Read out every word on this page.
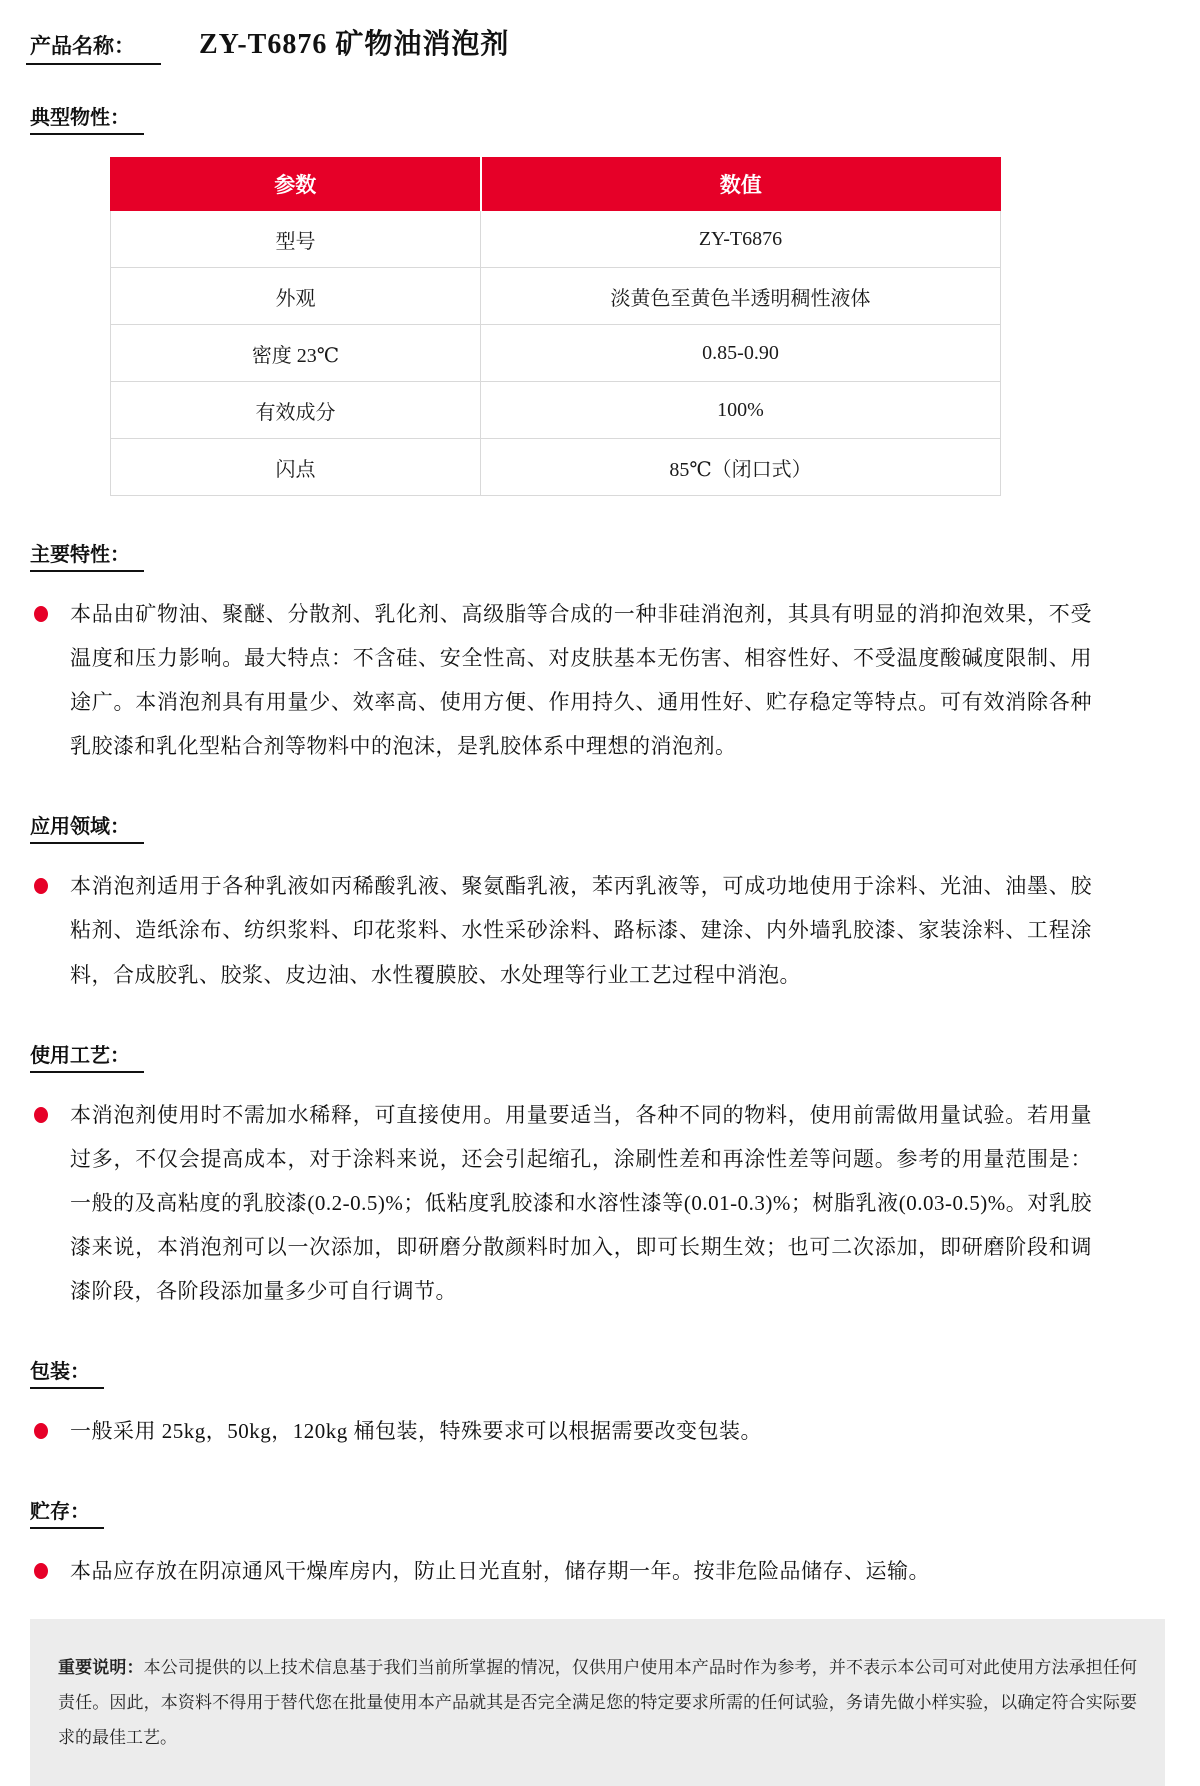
产品名称：	ZY-T6876 矿物油消泡剂
典型物性：
参数	数值
型号	ZY-T6876
外观	淡黄色至黄色半透明稠性液体
密度 23℃	0.85-0.90
有效成分	100%
闪点	85℃（闭口式）
主要特性：

本品由矿物油、聚醚、分散剂、乳化剂、高级脂等合成的一种非硅消泡剂，其具有明显的消抑泡效果，不受温度和压力影响。最大特点：不含硅、安全性高、对皮肤基本无伤害、相容性好、不受温度酸碱度限制、用途广。本消泡剂具有用量少、效率高、使用方便、作用持久、通用性好、贮存稳定等特点。可有效消除各种乳胶漆和乳化型粘合剂等物料中的泡沫，是乳胶体系中理想的消泡剂。

应用领域：

本消泡剂适用于各种乳液如丙稀酸乳液、聚氨酯乳液，苯丙乳液等，可成功地使用于涂料、光油、油墨、胶粘剂、造纸涂布、纺织浆料、印花浆料、水性采砂涂料、路标漆、建涂、内外墙乳胶漆、家装涂料、工程涂料，合成胶乳、胶浆、皮边油、水性覆膜胶、水处理等行业工艺过程中消泡。

使用工艺：

本消泡剂使用时不需加水稀释，可直接使用。用量要适当，各种不同的物料，使用前需做用量试验。若用量过多，不仅会提高成本，对于涂料来说，还会引起缩孔，涂刷性差和再涂性差等问题。参考的用量范围是：一般的及高粘度的乳胶漆(0.2-0.5)%；低粘度乳胶漆和水溶性漆等(0.01-0.3)%；树脂乳液(0.03-0.5)%。对乳胶漆来说，本消泡剂可以一次添加，即研磨分散颜料时加入，即可长期生效；也可二次添加，即研磨阶段和调漆阶段，各阶段添加量多少可自行调节。

包装：

一般采用 25kg，50kg，120kg 桶包装，特殊要求可以根据需要改变包装。

贮存：

本品应存放在阴凉通风干燥库房内，防止日光直射，储存期一年。按非危险品储存、运输。

重要说明：本公司提供的以上技术信息基于我们当前所掌握的情况，仅供用户使用本产品时作为参考，并不表示本公司可对此使用方法承担任何责任。因此，本资料不得用于替代您在批量使用本产品就其是否完全满足您的特定要求所需的任何试验，务请先做小样实验，以确定符合实际要求的最佳工艺。
